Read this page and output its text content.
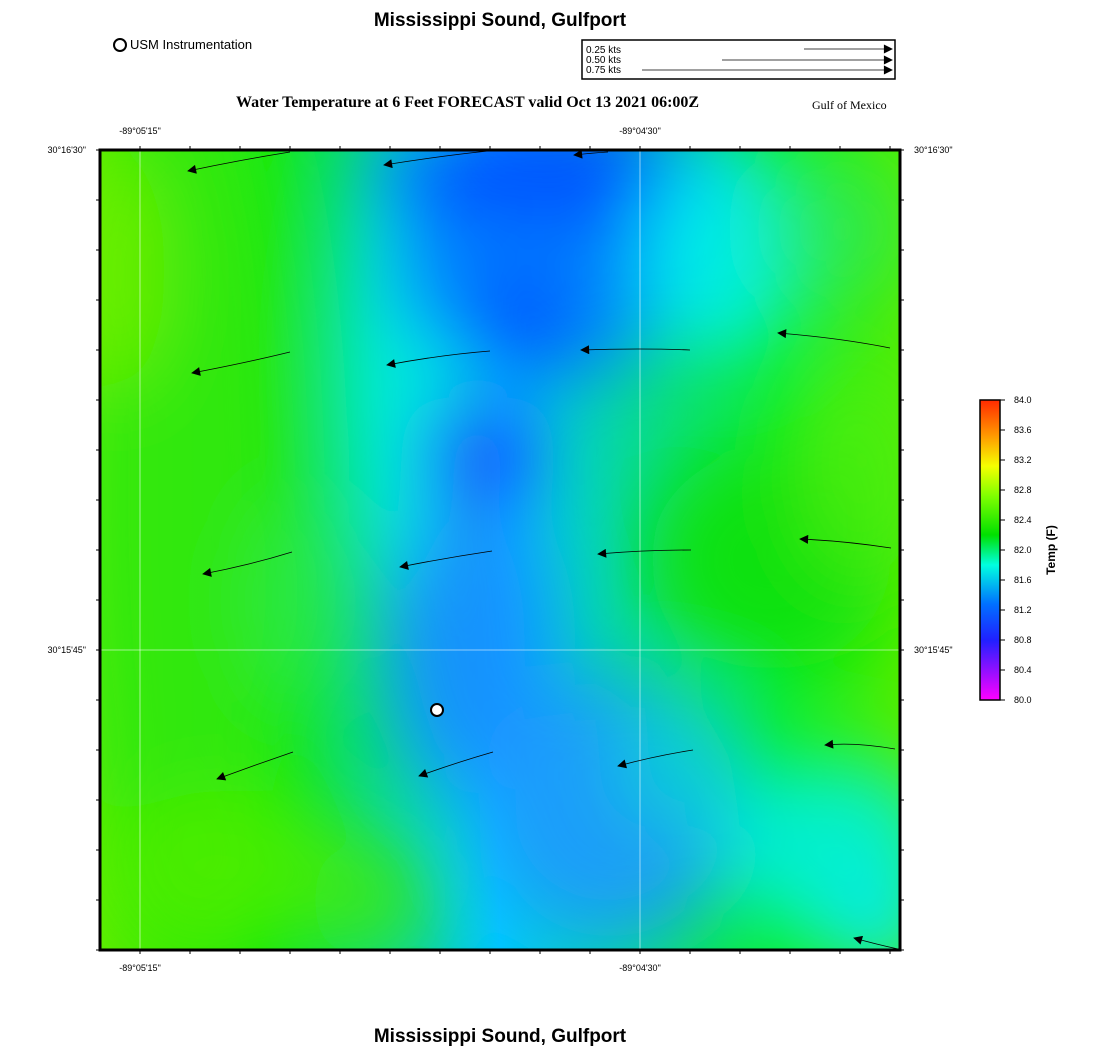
Mississippi Sound, Gulfport
USM Instrumentation	0.25 kts
0.50 kts
0.75 kts
-89°05'15"	-89°04'30"
-89°05'15"	-89°04'30"
30°16'30"
30°15'45"
30°16'30"
30°15'45"
84.0
83.6
83.2
82.8
82.4
82.0
81.6
81.2
80.8
80.4
80.0
Temp (F)
Water Temperature at 6 Feet FORECAST valid Oct 13 2021 06:00Z	Gulf of Mexico
Mississippi Sound, Gulfport
